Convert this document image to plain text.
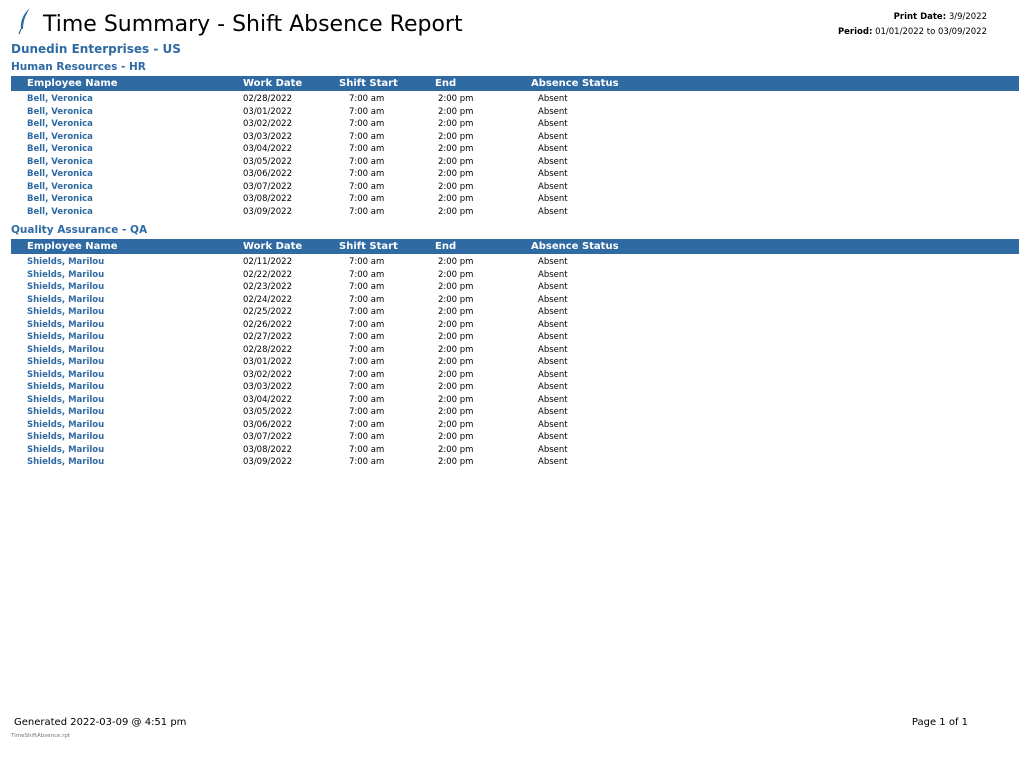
Time Summary - Shift Absence Report	Print Date: 3/9/2022
Period: 01/01/2022 to 03/09/2022
Dunedin Enterprises - US
Human Resources - HR
Employee Name	Work Date	Shift Start	End	Absence Status
Bell, Veronica	02/28/2022	7:00 am	2:00 pm	Absent
Bell, Veronica	03/01/2022	7:00 am	2:00 pm	Absent
Bell, Veronica	03/02/2022	7:00 am	2:00 pm	Absent
Bell, Veronica	03/03/2022	7:00 am	2:00 pm	Absent
Bell, Veronica	03/04/2022	7:00 am	2:00 pm	Absent
Bell, Veronica	03/05/2022	7:00 am	2:00 pm	Absent
Bell, Veronica	03/06/2022	7:00 am	2:00 pm	Absent
Bell, Veronica	03/07/2022	7:00 am	2:00 pm	Absent
Bell, Veronica	03/08/2022	7:00 am	2:00 pm	Absent
Bell, Veronica	03/09/2022	7:00 am	2:00 pm	Absent
Quality Assurance - QA
Employee Name	Work Date	Shift Start	End	Absence Status
Shields, Marilou	02/11/2022	7:00 am	2:00 pm	Absent
Shields, Marilou	02/22/2022	7:00 am	2:00 pm	Absent
Shields, Marilou	02/23/2022	7:00 am	2:00 pm	Absent
Shields, Marilou	02/24/2022	7:00 am	2:00 pm	Absent
Shields, Marilou	02/25/2022	7:00 am	2:00 pm	Absent
Shields, Marilou	02/26/2022	7:00 am	2:00 pm	Absent
Shields, Marilou	02/27/2022	7:00 am	2:00 pm	Absent
Shields, Marilou	02/28/2022	7:00 am	2:00 pm	Absent
Shields, Marilou	03/01/2022	7:00 am	2:00 pm	Absent
Shields, Marilou	03/02/2022	7:00 am	2:00 pm	Absent
Shields, Marilou	03/03/2022	7:00 am	2:00 pm	Absent
Shields, Marilou	03/04/2022	7:00 am	2:00 pm	Absent
Shields, Marilou	03/05/2022	7:00 am	2:00 pm	Absent
Shields, Marilou	03/06/2022	7:00 am	2:00 pm	Absent
Shields, Marilou	03/07/2022	7:00 am	2:00 pm	Absent
Shields, Marilou	03/08/2022	7:00 am	2:00 pm	Absent
Shields, Marilou	03/09/2022	7:00 am	2:00 pm	Absent
Generated 2022-03-09 @ 4:51 pm
TimeShiftAbsence.rpt
Page 1 of 1
